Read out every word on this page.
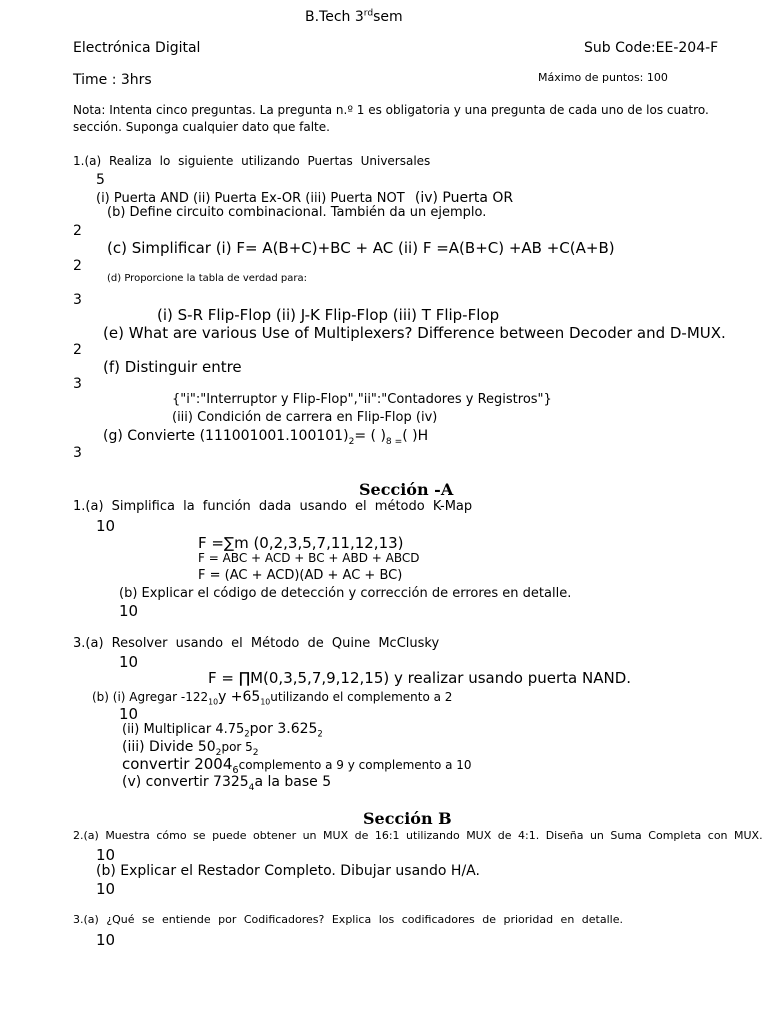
B.Tech 3rdsem
Electrónica Digital	Sub Code:EE-204-F
Time : 3hrs	Máximo de puntos: 100
Nota: Intenta cinco preguntas. La pregunta n.º 1 es obligatoria y una pregunta de cada uno de los cuatro.
sección. Suponga cualquier dato que falte.
1.(a) Realiza lo siguiente utilizando Puertas Universales
5
(i) Puerta AND (ii) Puerta Ex-OR (iii) Puerta NOT (iv) Puerta OR
(b) Define circuito combinacional. También da un ejemplo.
2
(c) Simplificar (i) F= A(B+C)+BC + AC (ii) F =A(B+C) +AB +C(A+B)
2
(d) Proporcione la tabla de verdad para:
3
(i) S-R Flip-Flop (ii) J-K Flip-Flop (iii) T Flip-Flop
(e) What are various Use of Multiplexers? Difference between Decoder and D-MUX.
2
(f) Distinguir entre
3
{"i":"Interruptor y Flip-Flop","ii":"Contadores y Registros"}
(iii) Condición de carrera en Flip-Flop (iv)
(g) Convierte $(111001001.100101)_2=$ ( )$_{8 =}$( )H
3
Sección -A
1.(a) Simplifica la función dada usando el método K-Map
10
F =∑m (0,2,3,5,7,11,12,13)
F = ABC + ACD + BC + ABD + ABCD
F = (AC + ACD)(AD + AC + BC)
(b) Explicar el código de detección y corrección de errores en detalle.
10
3.(a) Resolver usando el Método de Quine McClusky
10
F = ∏M(0,3,5,7,9,12,15) y realizar usando puerta NAND.
(b) (i) Agregar $-122_{10}y$ $+65_{10}utilizando$ el complemento a 2
10
(ii) Multiplicar $4.75_2por$ $3.625_2$
(iii) Divide $50_2por$ $5_2$
convertir $2004_6complemento$ a 9 y complemento a 10
(v) convertir $7325_4a$ la base 5
Sección B
2.(a) Muestra cómo se puede obtener un MUX de 16:1 utilizando MUX de 4:1. Diseña un Suma Completa con MUX.
10
(b) Explicar el Restador Completo. Dibujar usando H/A.
10
3.(a) ¿Qué se entiende por Codificadores? Explica los codificadores de prioridad en detalle.
10
